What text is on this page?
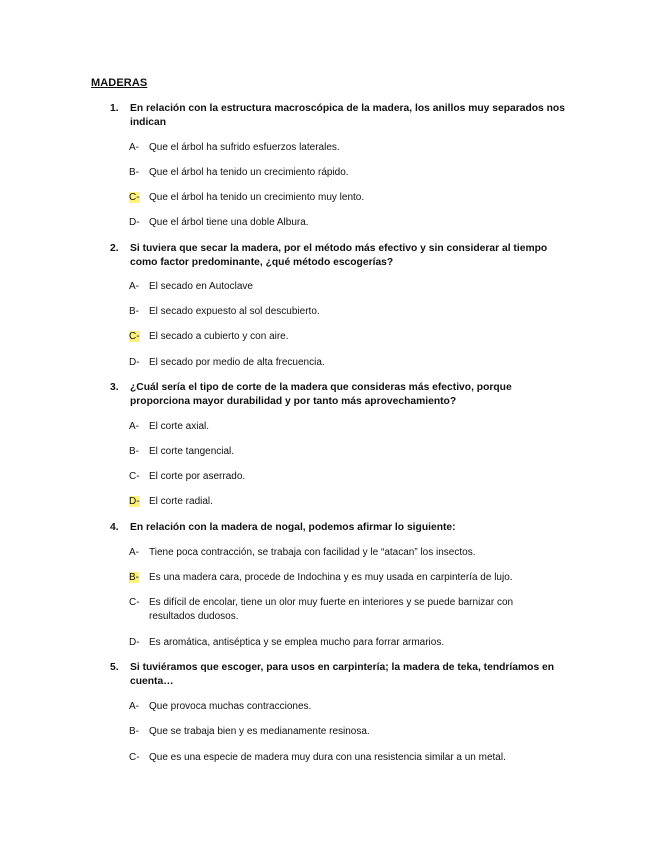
MADERAS
1.	En relación con la estructura macroscópica de la madera, los anillos muy separados nos indican
A-	Que el árbol ha sufrido esfuerzos laterales.
B-	Que el árbol ha tenido un crecimiento rápido.
C- Que el árbol ha tenido un crecimiento muy lento.
D- Que el árbol tiene una doble Albura.
2.	Si tuviera que secar la madera, por el método más efectivo y sin considerar al tiempo como factor predominante, ¿qué método escogerías?
A-	El secado en Autoclave
B-	El secado expuesto al sol descubierto.
C- El secado a cubierto y con aire.
D- El secado por medio de alta frecuencia.
3.	¿Cuál sería el tipo de corte de la madera que consideras más efectivo, porque proporciona mayor durabilidad y por tanto más aprovechamiento?
A-	El corte axial.
B-	El corte tangencial.
C- El corte por aserrado.
D- El corte radial.
4.	En relación con la madera de nogal, podemos afirmar lo siguiente:
A-	Tiene poca contracción, se trabaja con facilidad y le “atacan” los insectos.
B-	Es una madera cara, procede de Indochina y es muy usada en carpintería de lujo.
C- Es difícil de encolar, tiene un olor muy fuerte en interiores y se puede barnizar con resultados dudosos.
D- Es aromática, antiséptica y se emplea mucho para forrar armarios.
5.	Si tuviéramos que escoger, para usos en carpintería; la madera de teka, tendríamos en cuenta…
A-	Que provoca muchas contracciones.
B-	Que se trabaja bien y es medianamente resinosa.
C- Que es una especie de madera muy dura con una resistencia similar a un metal.
